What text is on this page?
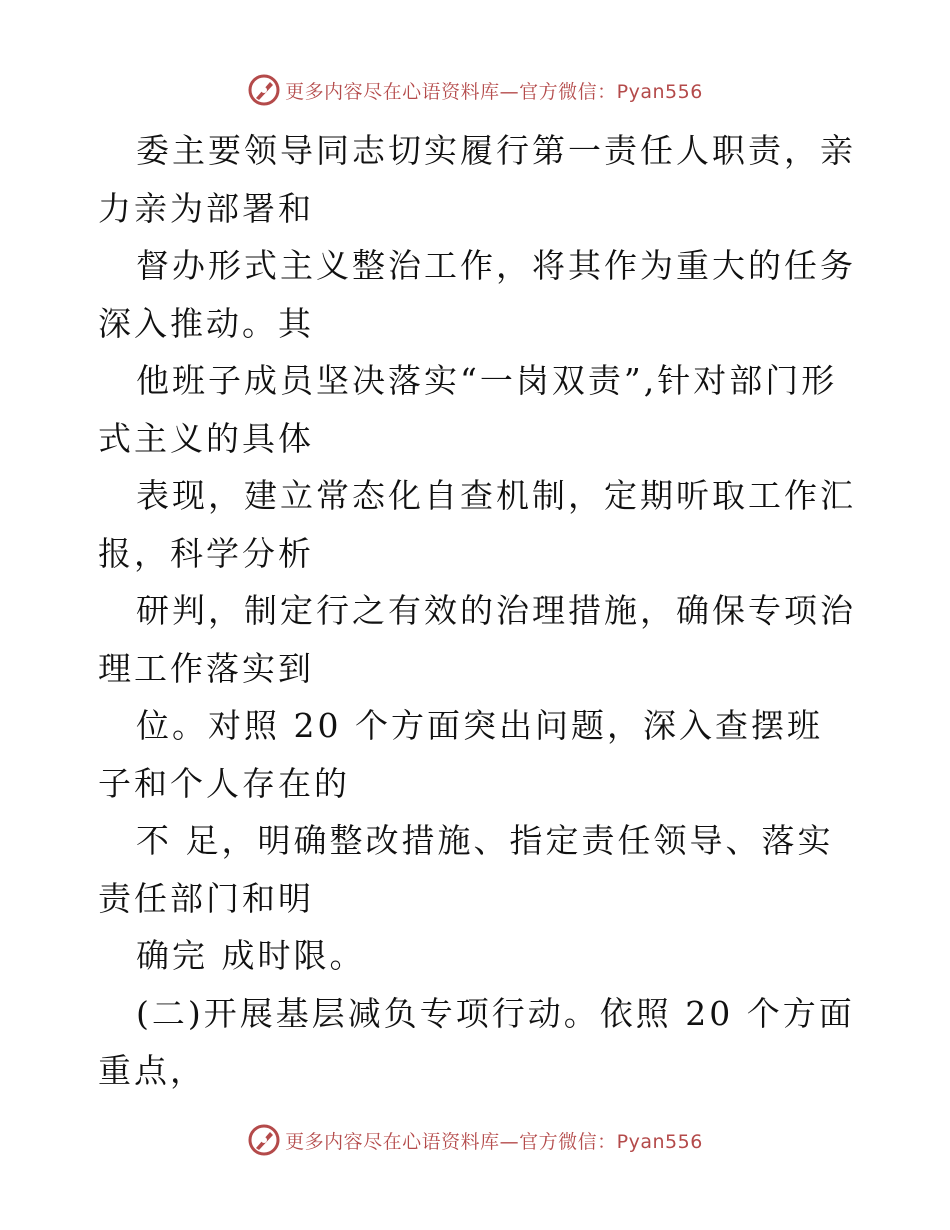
更多内容尽在心语资料库—官方微信：Pyan556

委主要领导同志切实履行第一责任人职责，亲力亲为部署和

督办形式主义整治工作，将其作为重大的任务深入推动。其

他班子成员坚决落实“一岗双责”,针对部门形式主义的具体

表现，建立常态化自查机制，定期听取工作汇报，科学分析

研判，制定行之有效的治理措施，确保专项治理工作落实到

位。对照 20 个方面突出问题，深入查摆班子和个人存在的

不 足，明确整改措施、指定责任领导、落实责任部门和明

确完 成时限。

(二)开展基层减负专项行动。依照 20 个方面重点，

更多内容尽在心语资料库—官方微信：Pyan556
